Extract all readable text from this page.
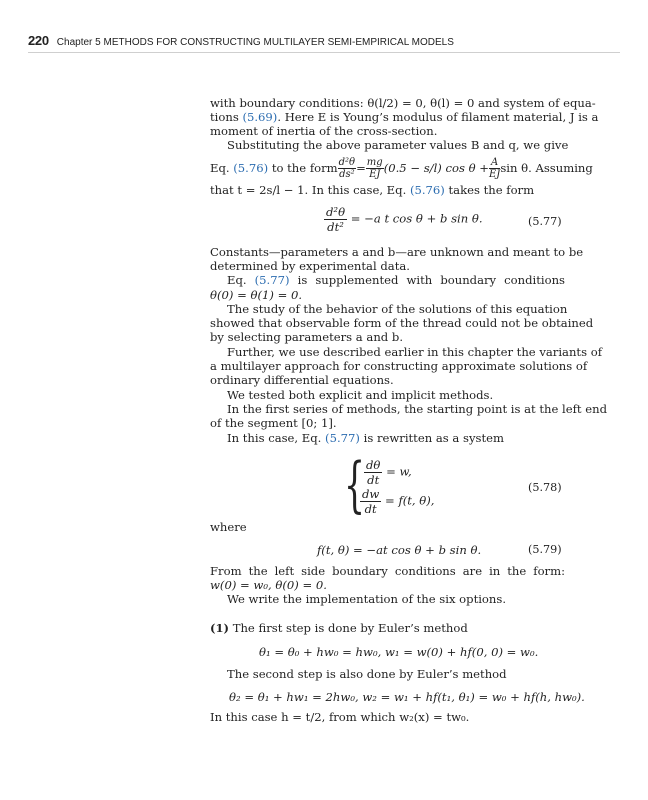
220 Chapter 5 METHODS FOR CONSTRUCTING MULTILAYER SEMI-EMPIRICAL MODELS
with boundary conditions: θ(l/2) = 0, θ(l) = 0 and system of equa-
tions (5.69). Here E is Young’s modulus of filament material, J is a
moment of inertia of the cross-section.
Substituting the above parameter values B and q, we give
Eq. (5.76) to the form $\frac{\text{d²θ}}{\text{ds²}} = \frac{mg}{EJ} (0.5 - s/l)$ $\cos \theta + \frac{A}{EJ}$ sin θ. Assuming
that t = 2s/l − 1. In this case, Eq. (5.76) takes the form
Constants—parameters a and b—are unknown and meant to be
determined by experimental data.
Eq. (5.77) is supplemented with boundary conditions
θ(0) = θ(1) = 0.
The study of the behavior of the solutions of this equation
showed that observable form of the thread could not be obtained
by selecting parameters a and b.
Further, we use described earlier in this chapter the variants of
a multilayer approach for constructing approximate solutions of
ordinary differential equations.
We tested both explicit and implicit methods.
In the first series of methods, the starting point is at the left end
of the segment [0; 1].
In this case, Eq. (5.77) is rewritten as a system
where
From the left side boundary conditions are in the form:
w(0) = w₀, θ(0) = 0.
We write the implementation of the six options.
(1) The first step is done by Euler’s method
The second step is also done by Euler’s method
In this case h = t/2, from which w₂(x) = tw₀.
$\frac{\text{d²θ}}{\text{dt²}} = -a$ t cos θ + b sin θ.	(5.77)
{
$\frac{d\theta}{dt} = w$,
$\frac{dw}{dt} = f(t$, θ),
(5.78)
f(t, θ) = −at cos θ + b sin θ.	(5.79)
θ₁ = θ₀ + hw₀ = hw₀, w₁ = w(0) + hf(0, 0) = w₀.
θ₂ = θ₁ + hw₁ = 2hw₀, w₂ = w₁ + hf(t₁, θ₁) = w₀ + hf(h, hw₀).
